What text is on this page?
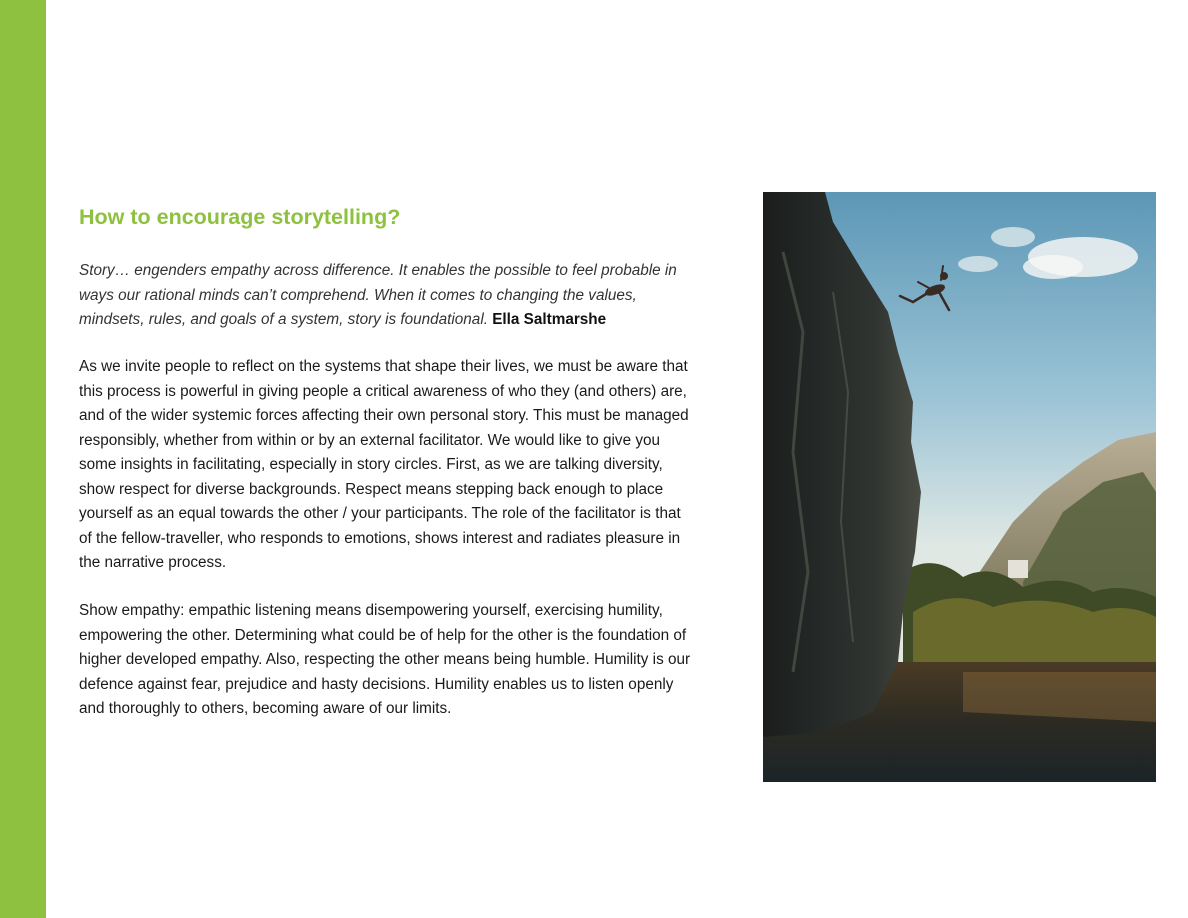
How to encourage storytelling?

Story… engenders empathy across difference. It enables the possible to feel probable in ways our rational minds can’t comprehend. When it comes to changing the values, mindsets, rules, and goals of a system, story is foundational. Ella Saltmarshe

As we invite people to reflect on the systems that shape their lives, we must be aware that this process is powerful in giving people a critical awareness of who they (and others) are, and of the wider systemic forces affecting their own personal story. This must be managed responsibly, whether from within or by an external facilitator. We would like to give you some insights in facilitating, especially in story circles. First, as we are talking diversity, show respect for diverse backgrounds. Respect means stepping back enough to place yourself as an equal towards the other / your participants. The role of the facilitator is that of the fellow-traveller, who responds to emotions, shows interest and radiates pleasure in the narrative process.

Show empathy: empathic listening means disempowering yourself, exercising humility, empowering the other. Determining what could be of help for the other is the foundation of higher developed empathy. Also, respecting the other means being humble. Humility is our defence against fear, prejudice and hasty decisions. Humility enables us to listen openly and thoroughly to others, becoming aware of our limits.
